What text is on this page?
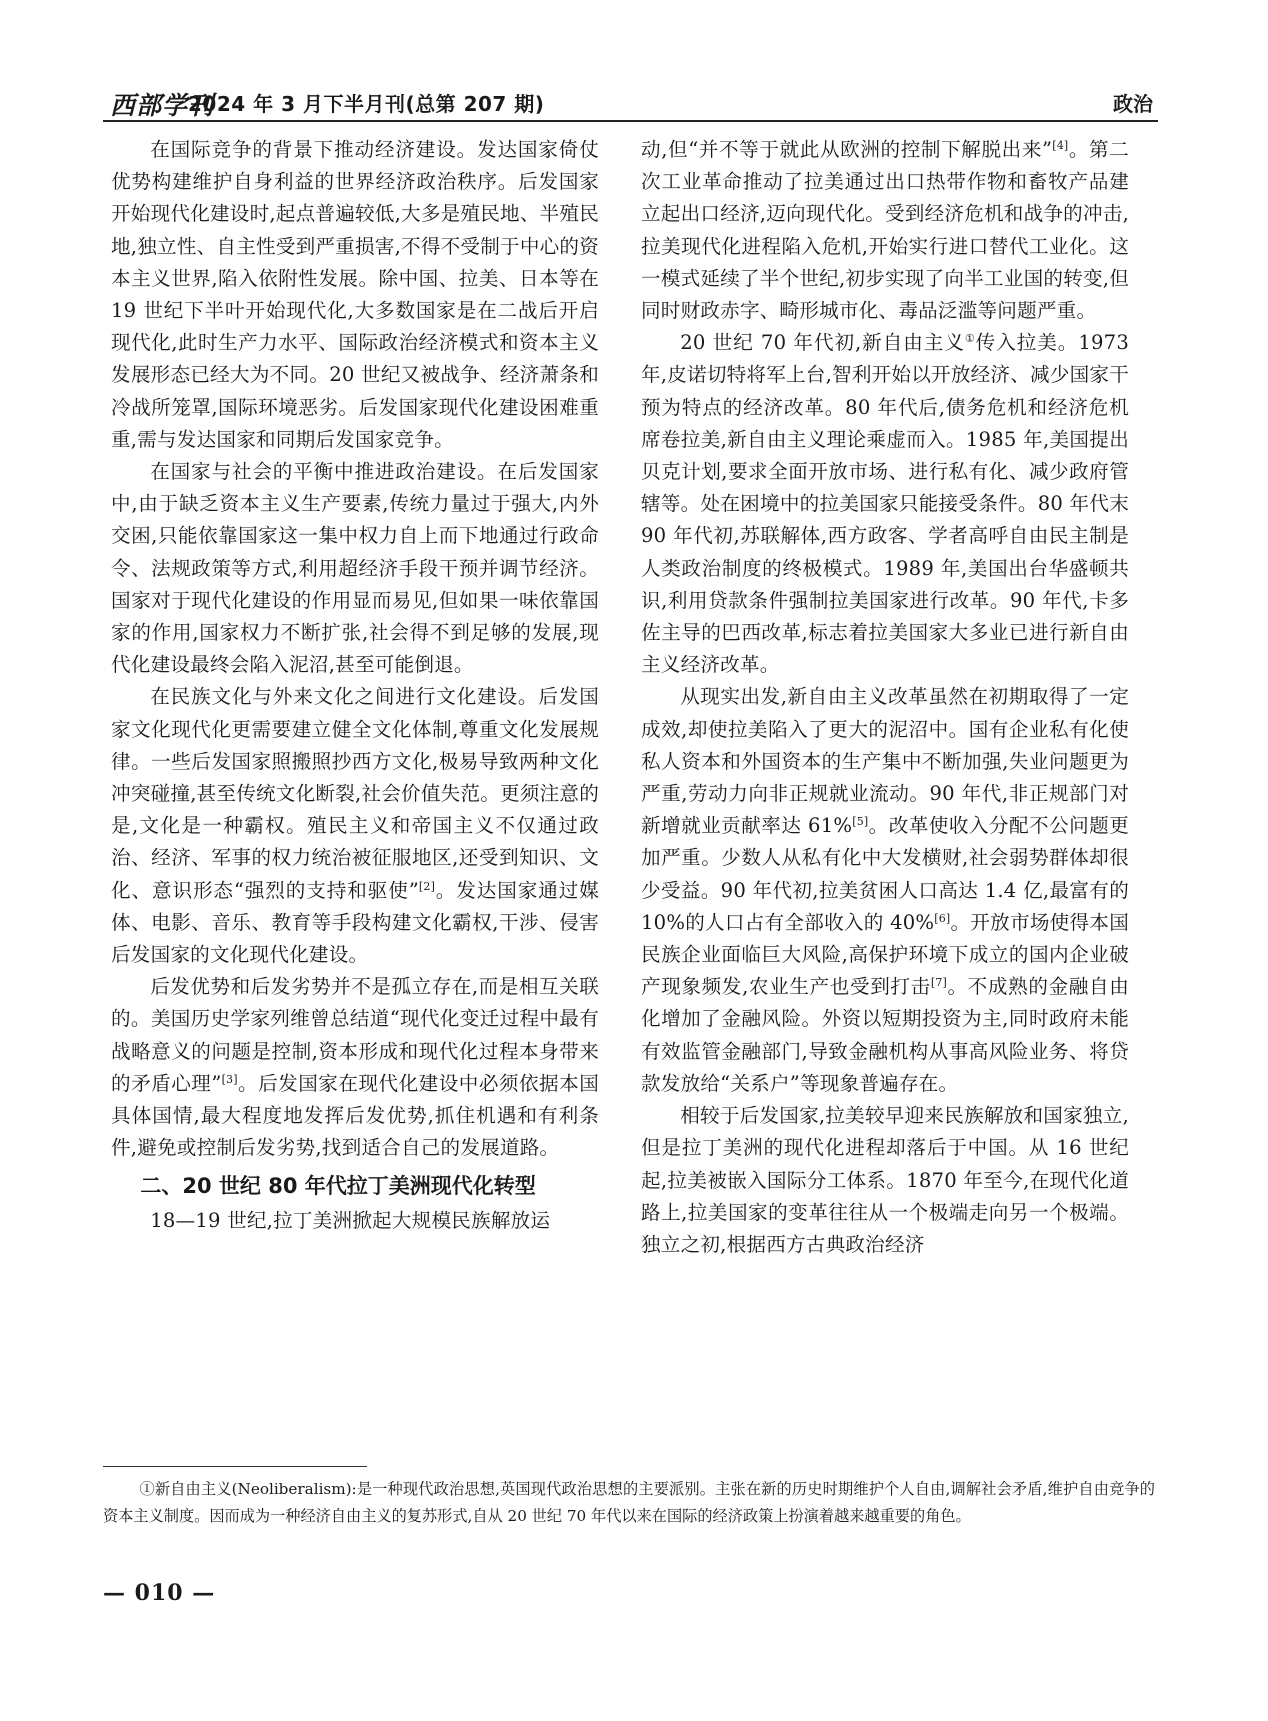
西部学刊
2024 年 3 月下半月刊(总第 207 期)	政治

在国际竞争的背景下推动经济建设。发达国家倚仗优势构建维护自身利益的世界经济政治秩序。后发国家开始现代化建设时,起点普遍较低,大多是殖民地、半殖民地,独立性、自主性受到严重损害,不得不受制于中心的资本主义世界,陷入依附性发展。除中国、拉美、日本等在 19 世纪下半叶开始现代化,大多数国家是在二战后开启现代化,此时生产力水平、国际政治经济模式和资本主义发展形态已经大为不同。20 世纪又被战争、经济萧条和冷战所笼罩,国际环境恶劣。后发国家现代化建设困难重重,需与发达国家和同期后发国家竞争。

在国家与社会的平衡中推进政治建设。在后发国家中,由于缺乏资本主义生产要素,传统力量过于强大,内外交困,只能依靠国家这一集中权力自上而下地通过行政命令、法规政策等方式,利用超经济手段干预并调节经济。国家对于现代化建设的作用显而易见,但如果一味依靠国家的作用,国家权力不断扩张,社会得不到足够的发展,现代化建设最终会陷入泥沼,甚至可能倒退。

在民族文化与外来文化之间进行文化建设。后发国家文化现代化更需要建立健全文化体制,尊重文化发展规律。一些后发国家照搬照抄西方文化,极易导致两种文化冲突碰撞,甚至传统文化断裂,社会价值失范。更须注意的是,文化是一种霸权。殖民主义和帝国主义不仅通过政治、经济、军事的权力统治被征服地区,还受到知识、文化、意识形态“强烈的支持和驱使”[2]。发达国家通过媒体、电影、音乐、教育等手段构建文化霸权,干涉、侵害后发国家的文化现代化建设。

后发优势和后发劣势并不是孤立存在,而是相互关联的。美国历史学家列维曾总结道“现代化变迁过程中最有战略意义的问题是控制,资本形成和现代化过程本身带来的矛盾心理”[3]。后发国家在现代化建设中必须依据本国具体国情,最大程度地发挥后发优势,抓住机遇和有利条件,避免或控制后发劣势,找到适合自己的发展道路。

二、20 世纪 80 年代拉丁美洲现代化转型

18—19 世纪,拉丁美洲掀起大规模民族解放运

动,但“并不等于就此从欧洲的控制下解脱出来”[4]。第二次工业革命推动了拉美通过出口热带作物和畜牧产品建立起出口经济,迈向现代化。受到经济危机和战争的冲击,拉美现代化进程陷入危机,开始实行进口替代工业化。这一模式延续了半个世纪,初步实现了向半工业国的转变,但同时财政赤字、畸形城市化、毒品泛滥等问题严重。

20 世纪 70 年代初,新自由主义①传入拉美。1973 年,皮诺切特将军上台,智利开始以开放经济、减少国家干预为特点的经济改革。80 年代后,债务危机和经济危机席卷拉美,新自由主义理论乘虚而入。1985 年,美国提出贝克计划,要求全面开放市场、进行私有化、减少政府管辖等。处在困境中的拉美国家只能接受条件。80 年代末 90 年代初,苏联解体,西方政客、学者高呼自由民主制是人类政治制度的终极模式。1989 年,美国出台华盛顿共识,利用贷款条件强制拉美国家进行改革。90 年代,卡多佐主导的巴西改革,标志着拉美国家大多业已进行新自由主义经济改革。

从现实出发,新自由主义改革虽然在初期取得了一定成效,却使拉美陷入了更大的泥沼中。国有企业私有化使私人资本和外国资本的生产集中不断加强,失业问题更为严重,劳动力向非正规就业流动。90 年代,非正规部门对新增就业贡献率达 61%[5]。改革使收入分配不公问题更加严重。少数人从私有化中大发横财,社会弱势群体却很少受益。90 年代初,拉美贫困人口高达 1.4 亿,最富有的 10%的人口占有全部收入的 40%[6]。开放市场使得本国民族企业面临巨大风险,高保护环境下成立的国内企业破产现象频发,农业生产也受到打击[7]。不成熟的金融自由化增加了金融风险。外资以短期投资为主,同时政府未能有效监管金融部门,导致金融机构从事高风险业务、将贷款发放给“关系户”等现象普遍存在。

相较于后发国家,拉美较早迎来民族解放和国家独立,但是拉丁美洲的现代化进程却落后于中国。从 16 世纪起,拉美被嵌入国际分工体系。1870 年至今,在现代化道路上,拉美国家的变革往往从一个极端走向另一个极端。独立之初,根据西方古典政治经济

①新自由主义(Neoliberalism):是一种现代政治思想,英国现代政治思想的主要派别。主张在新的历史时期维护个人自由,调解社会矛盾,维护自由竞争的资本主义制度。因而成为一种经济自由主义的复苏形式,自从 20 世纪 70 年代以来在国际的经济政策上扮演着越来越重要的角色。
— 010 —
